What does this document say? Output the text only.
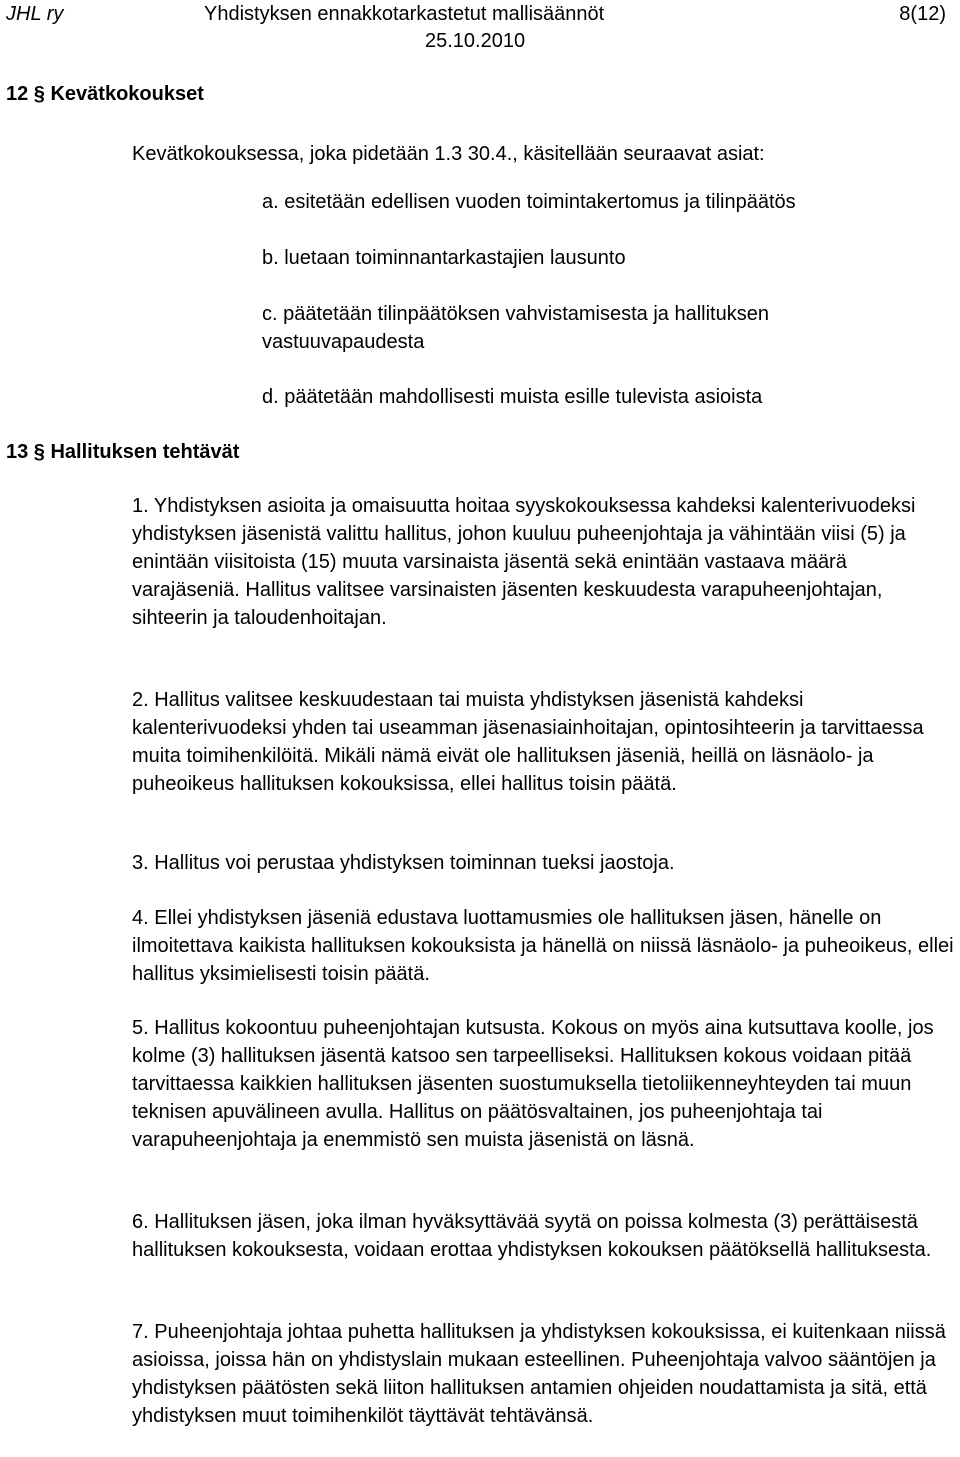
JHL ry	Yhdistyksen ennakkotarkastetut mallisäännöt	8(12)
25.10.2010
12 § Kevätkokoukset
Kevätkokouksessa, joka pidetään 1.3 30.4., käsitellään seuraavat asiat:

a. esitetään edellisen vuoden toimintakertomus ja tilinpäätös

b. luetaan toiminnantarkastajien lausunto

c. päätetään tilinpäätöksen vahvistamisesta ja hallituksen vastuuvapaudesta

d. päätetään mahdollisesti muista esille tulevista asioista

13 § Hallituksen tehtävät

1. Yhdistyksen asioita ja omaisuutta hoitaa syyskokouksessa kahdeksi kalenterivuodeksi yhdistyksen jäsenistä valittu hallitus, johon kuuluu puheenjohtaja ja vähintään viisi (5) ja enintään viisitoista (15) muuta varsinaista jäsentä sekä enintään vastaava määrä varajäseniä. Hallitus valitsee varsinaisten jäsenten keskuudesta varapuheenjohtajan, sihteerin ja taloudenhoitajan.

2. Hallitus valitsee keskuudestaan tai muista yhdistyksen jäsenistä kahdeksi kalenterivuodeksi yhden tai useamman jäsenasiainhoitajan, opintosihteerin ja tarvittaessa muita toimihenkilöitä. Mikäli nämä eivät ole hallituksen jäseniä, heillä on läsnäolo- ja puheoikeus hallituksen kokouksissa, ellei hallitus toisin päätä.

3. Hallitus voi perustaa yhdistyksen toiminnan tueksi jaostoja.

4. Ellei yhdistyksen jäseniä edustava luottamusmies ole hallituksen jäsen, hänelle on ilmoitettava kaikista hallituksen kokouksista ja hänellä on niissä läsnäolo- ja puheoikeus, ellei hallitus yksimielisesti toisin päätä.

5. Hallitus kokoontuu puheenjohtajan kutsusta. Kokous on myös aina kutsuttava koolle, jos kolme (3) hallituksen jäsentä katsoo sen tarpeelliseksi. Hallituksen kokous voidaan pitää tarvittaessa kaikkien hallituksen jäsenten suostumuksella tietoliikenneyhteyden tai muun teknisen apuvälineen avulla. Hallitus on päätösvaltainen, jos puheenjohtaja tai varapuheenjohtaja ja enemmistö sen muista jäsenistä on läsnä.

6. Hallituksen jäsen, joka ilman hyväksyttävää syytä on poissa kolmesta (3) perättäisestä hallituksen kokouksesta, voidaan erottaa yhdistyksen kokouksen päätöksellä hallituksesta.

7. Puheenjohtaja johtaa puhetta hallituksen ja yhdistyksen kokouksissa, ei kuitenkaan niissä asioissa, joissa hän on yhdistyslain mukaan esteellinen. Puheenjohtaja valvoo sääntöjen ja yhdistyksen päätösten sekä liiton hallituksen antamien ohjeiden noudattamista ja sitä, että yhdistyksen muut toimihenkilöt täyttävät tehtävänsä.
